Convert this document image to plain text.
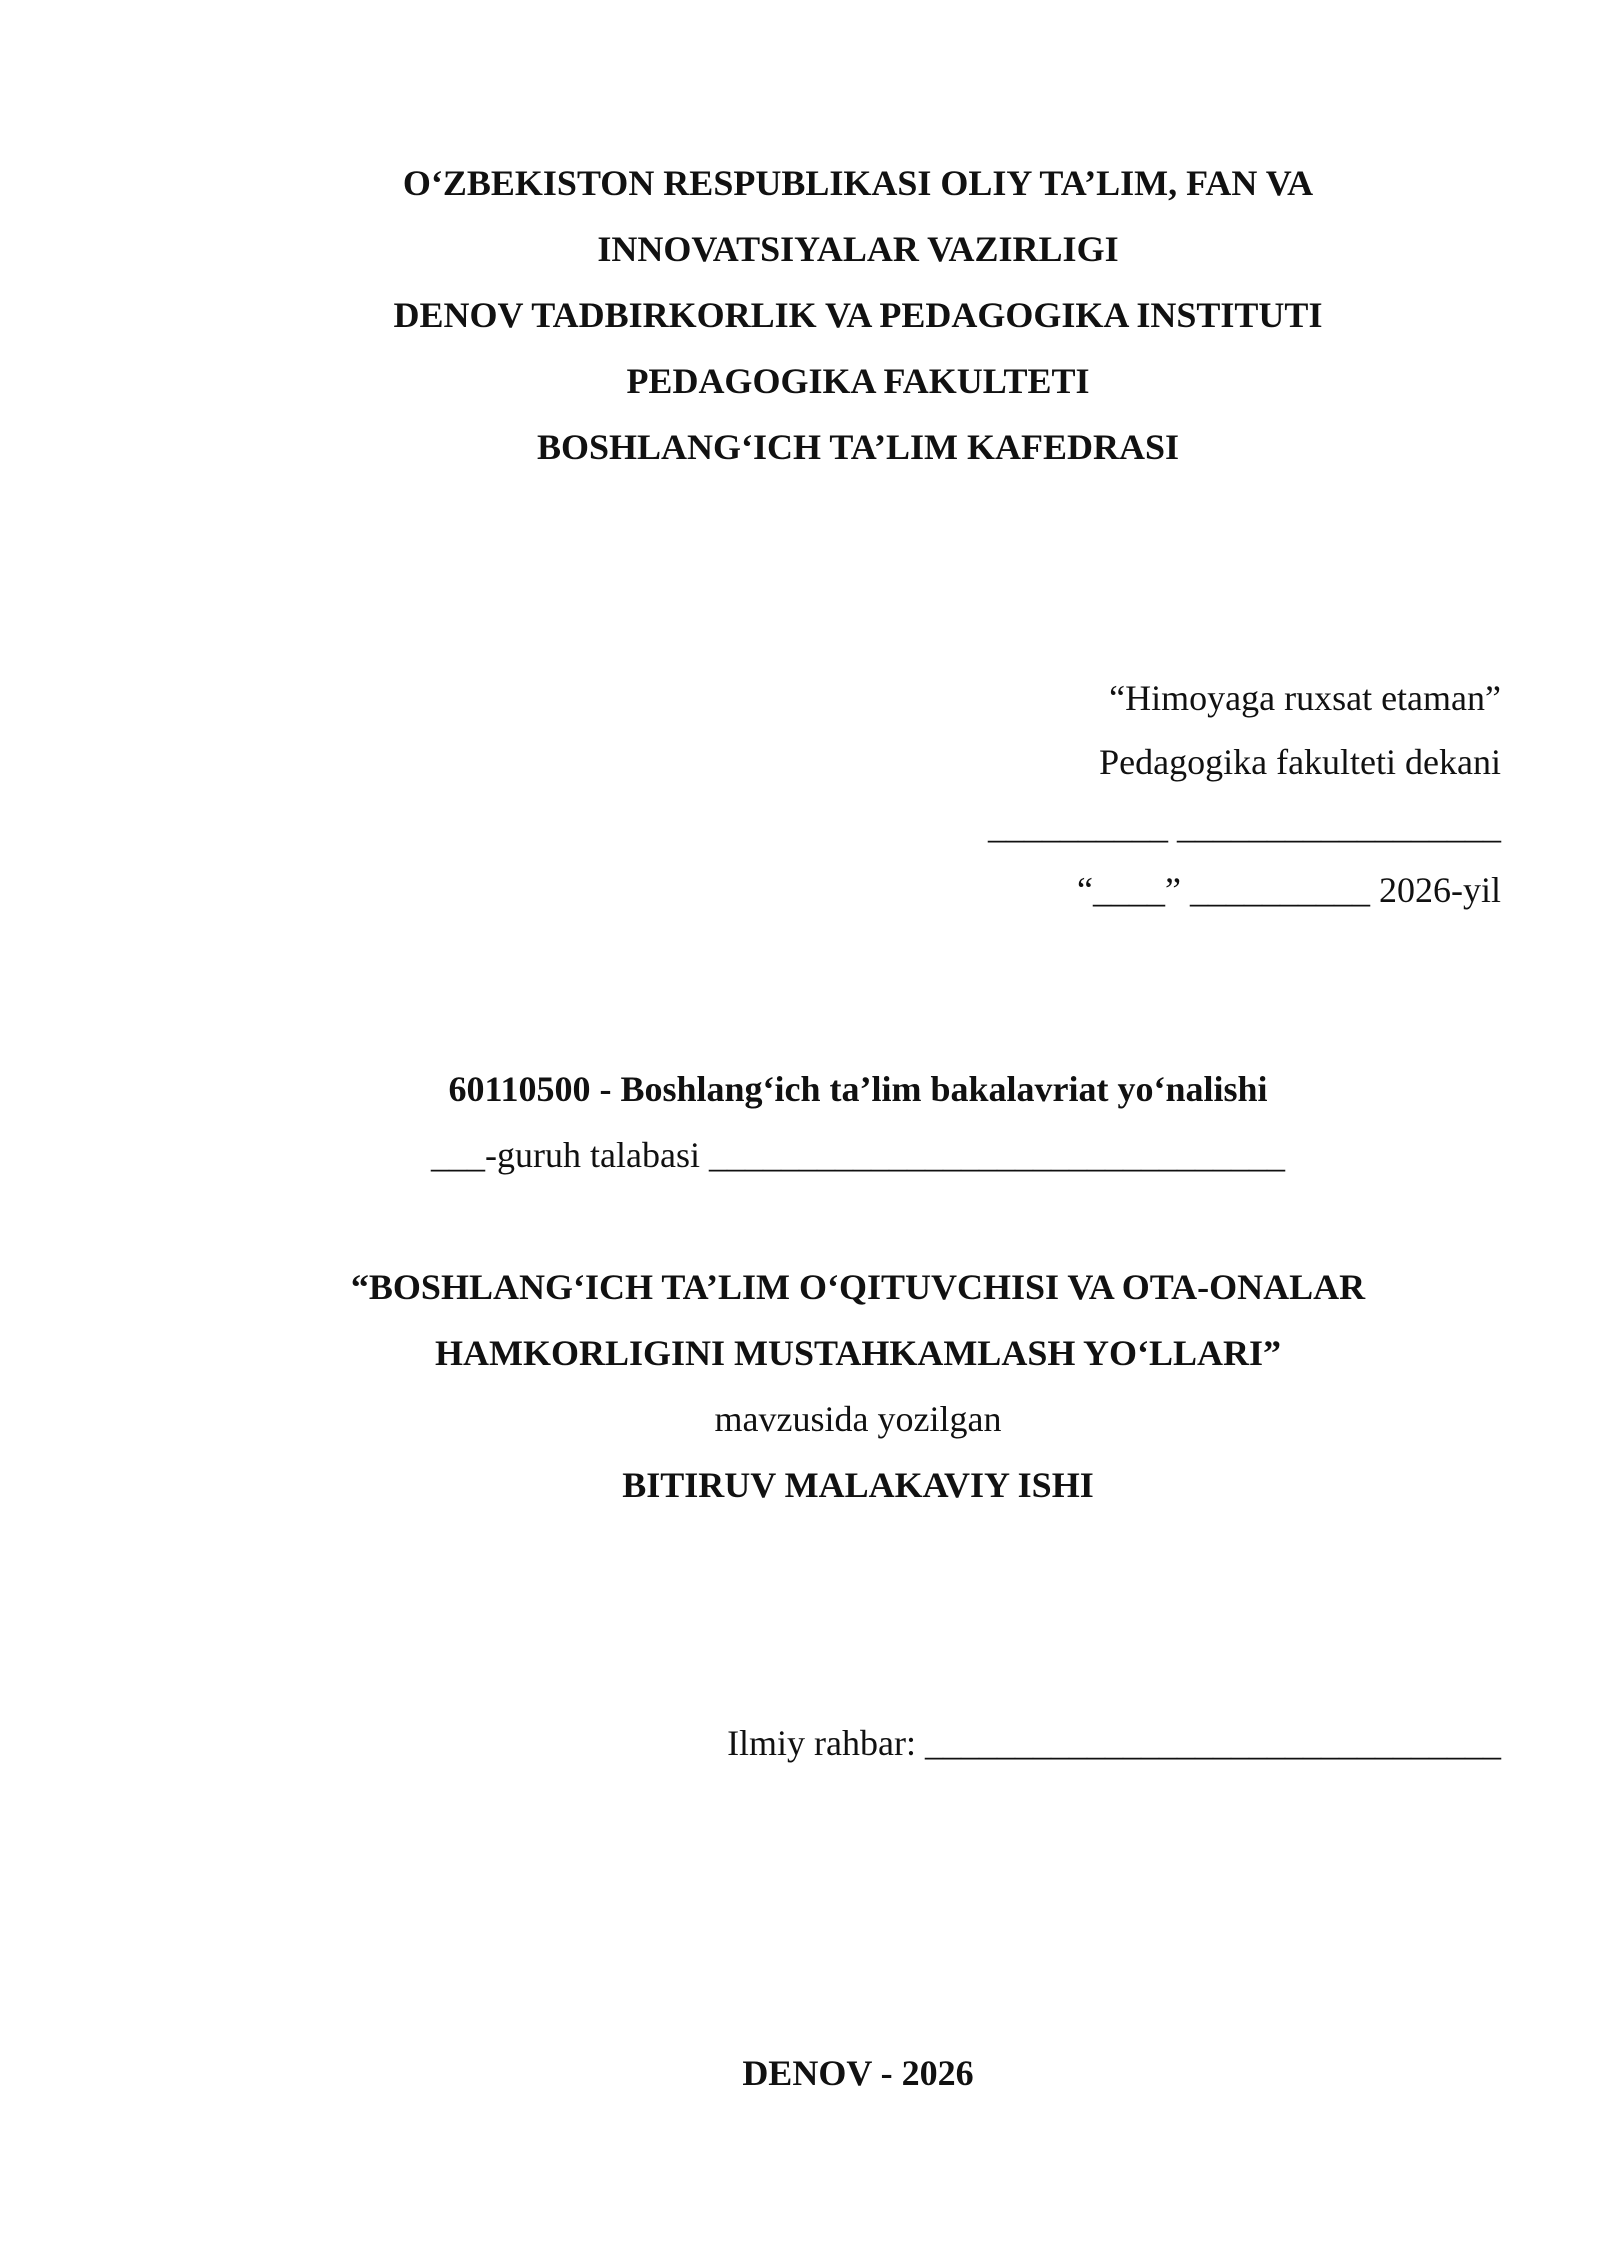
O‘ZBEKISTON RESPUBLIKASI OLIY TA’LIM, FAN VA
INNOVATSIYALAR VAZIRLIGI
DENOV TADBIRKORLIK VA PEDAGOGIKA INSTITUTI
PEDAGOGIKA FAKULTETI
BOSHLANG‘ICH TA’LIM KAFEDRASI
“Himoyaga ruxsat etaman”
Pedagogika fakulteti dekani
__________ __________________
“____” __________ 2026-yil
60110500 - Boshlang‘ich ta’lim bakalavriat yo‘nalishi
___-guruh talabasi ________________________________
“BOSHLANG‘ICH TA’LIM O‘QITUVCHISI VA OTA-ONALAR
HAMKORLIGINI MUSTAHKAMLASH YO‘LLARI”
mavzusida yozilgan
BITIRUV MALAKAVIY ISHI
Ilmiy rahbar: ________________________________
DENOV - 2026
